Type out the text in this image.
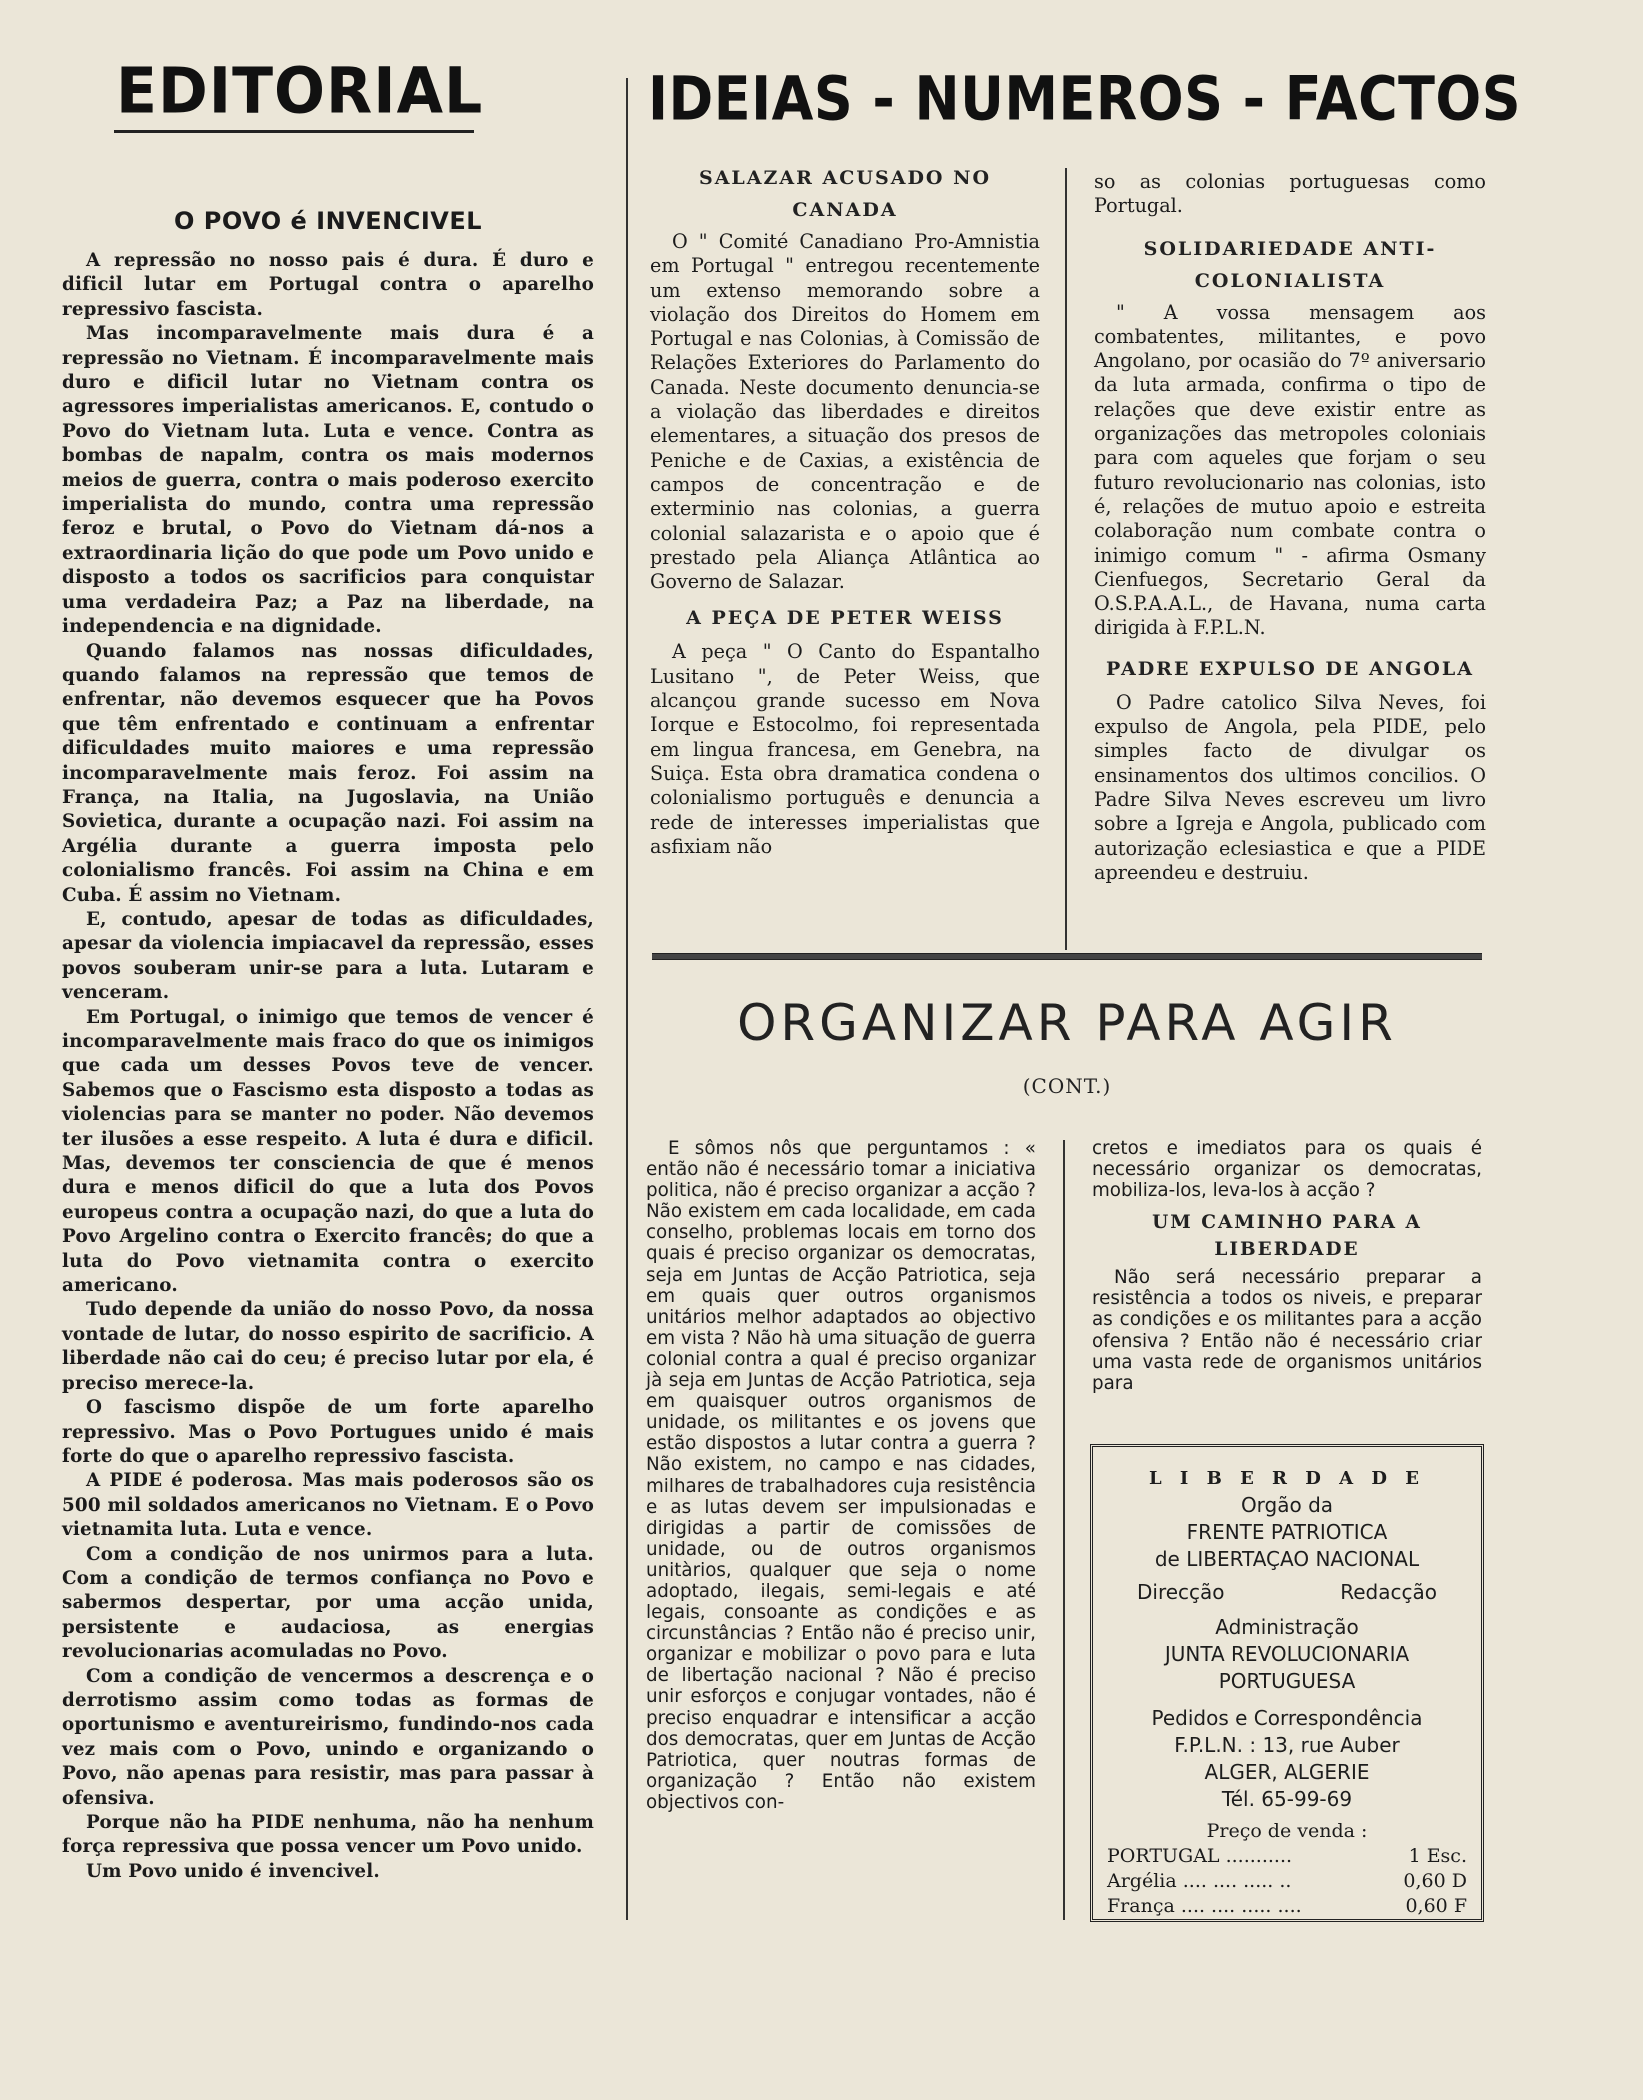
EDITORIAL
O POVO é INVENCIVEL

A repressão no nosso pais é dura. É duro e dificil lutar em Portugal contra o aparelho repressivo fascista.

Mas incomparavelmente mais dura é a repressão no Vietnam. É incomparavelmente mais duro e dificil lutar no Vietnam contra os agressores imperialistas americanos. E, contudo o Povo do Vietnam luta. Luta e vence. Contra as bombas de napalm, contra os mais modernos meios de guerra, contra o mais poderoso exercito imperialista do mundo, contra uma repressão feroz e brutal, o Povo do Vietnam dá-nos a extraordinaria lição do que pode um Povo unido e disposto a todos os sacrificios para conquistar uma verdadeira Paz; a Paz na liberdade, na independencia e na dignidade.

Quando falamos nas nossas dificuldades, quando falamos na repressão que temos de enfrentar, não devemos esquecer que ha Povos que têm enfrentado e continuam a enfrentar dificuldades muito maiores e uma repressão incomparavelmente mais feroz. Foi assim na França, na Italia, na Jugoslavia, na União Sovietica, durante a ocupação nazi. Foi assim na Argélia durante a guerra imposta pelo colonialismo francês. Foi assim na China e em Cuba. É assim no Vietnam.

E, contudo, apesar de todas as dificuldades, apesar da violencia impiacavel da repressão, esses povos souberam unir-se para a luta. Lutaram e venceram.

Em Portugal, o inimigo que temos de vencer é incomparavelmente mais fraco do que os inimigos que cada um desses Povos teve de vencer. Sabemos que o Fascismo esta disposto a todas as violencias para se manter no poder. Não devemos ter ilusões a esse respeito. A luta é dura e dificil. Mas, devemos ter consciencia de que é menos dura e menos dificil do que a luta dos Povos europeus contra a ocupação nazi, do que a luta do Povo Argelino contra o Exercito francês; do que a luta do Povo vietnamita contra o exercito americano.

Tudo depende da união do nosso Povo, da nossa vontade de lutar, do nosso espirito de sacrificio. A liberdade não cai do ceu; é preciso lutar por ela, é preciso merece-la.

O fascismo dispõe de um forte aparelho repressivo. Mas o Povo Portugues unido é mais forte do que o aparelho repressivo fascista.

A PIDE é poderosa. Mas mais poderosos são os 500 mil soldados americanos no Vietnam. E o Povo vietnamita luta. Luta e vence.

Com a condição de nos unirmos para a luta. Com a condição de termos confiança no Povo e sabermos despertar, por uma acção unida, persistente e audaciosa, as energias revolucionarias acomuladas no Povo.

Com a condição de vencermos a descrença e o derrotismo assim como todas as formas de oportunismo e aventureirismo, fundindo-nos cada vez mais com o Povo, unindo e organizando o Povo, não apenas para resistir, mas para passar à ofensiva.

Porque não ha PIDE nenhuma, não ha nenhum força repressiva que possa vencer um Povo unido.

Um Povo unido é invencivel.

IDEIAS - NUMEROS - FACTOS
SALAZAR ACUSADO NO CANADA

O " Comité Canadiano Pro-Amnistia em Portugal " entregou recentemente um extenso memorando sobre a violação dos Direitos do Homem em Portugal e nas Colonias, à Comissão de Relações Exteriores do Parlamento do Canada. Neste documento denuncia-se a violação das liberdades e direitos elementares, a situação dos presos de Peniche e de Caxias, a existência de campos de concentração e de exterminio nas colonias, a guerra colonial salazarista e o apoio que é prestado pela Aliança Atlântica ao Governo de Salazar.

A PEÇA DE PETER WEISS

A peça " O Canto do Espantalho Lusitano ", de Peter Weiss, que alcançou grande sucesso em Nova Iorque e Estocolmo, foi representada em lingua francesa, em Genebra, na Suiça. Esta obra dramatica condena o colonialismo português e denuncia a rede de interesses imperialistas que asfixiam não

so as colonias portuguesas como Portugal.

SOLIDARIEDADE ANTI-COLONIALISTA

" A vossa mensagem aos combatentes, militantes, e povo Angolano, por ocasião do 7º aniversario da luta armada, confirma o tipo de relações que deve existir entre as organizações das metropoles coloniais para com aqueles que forjam o seu futuro revolucionario nas colonias, isto é, relações de mutuo apoio e estreita colaboração num combate contra o inimigo comum " - afirma Osmany Cienfuegos, Secretario Geral da O.S.P.A.A.L., de Havana, numa carta dirigida à F.P.L.N.

PADRE EXPULSO DE ANGOLA

O Padre catolico Silva Neves, foi expulso de Angola, pela PIDE, pelo simples facto de divulgar os ensinamentos dos ultimos concilios. O Padre Silva Neves escreveu um livro sobre a Igreja e Angola, publicado com autorização eclesiastica e que a PIDE apreendeu e destruiu.

ORGANIZAR PARA AGIR
(CONT.)

E sômos nôs que perguntamos : « então não é necessário tomar a iniciativa politica, não é preciso organizar a acção ? Não existem em cada localidade, em cada conselho, problemas locais em torno dos quais é preciso organizar os democratas, seja em Juntas de Acção Patriotica, seja em quais quer outros organismos unitários melhor adaptados ao objectivo em vista ? Não hà uma situação de guerra colonial contra a qual é preciso organizar jà seja em Juntas de Acção Patriotica, seja em quaisquer outros organismos de unidade, os militantes e os jovens que estão dispostos a lutar contra a guerra ? Não existem, no campo e nas cidades, milhares de trabalhadores cuja resistência e as lutas devem ser impulsionadas e dirigidas a partir de comissões de unidade, ou de outros organismos unitàrios, qualquer que seja o nome adoptado, ilegais, semi-legais e até legais, consoante as condições e as circunstâncias ? Então não é preciso unir, organizar e mobilizar o povo para e luta de libertação nacional ? Não é preciso unir esforços e conjugar vontades, não é preciso enquadrar e intensificar a acção dos democratas, quer em Juntas de Acção Patriotica, quer noutras formas de organização ? Então não existem objectivos con-

cretos e imediatos para os quais é necessário organizar os democratas, mobiliza-los, leva-los à acção ?

UM CAMINHO PARA A LIBERDADE

Não será necessário preparar a resistência a todos os niveis, e preparar as condições e os militantes para a acção ofensiva ? Então não é necessário criar uma vasta rede de organismos unitários para

L I B E R D A D E
Orgão da
FRENTE PATRIOTICA
de LIBERTAÇAO NACIONAL
Direcção	Redacção
Administração
JUNTA REVOLUCIONARIA
PORTUGUESA
Pedidos e Correspondência
F.P.L.N. : 13, rue Auber
ALGER, ALGERIE
Tél. 65-99-69
Preço de venda :
PORTUGAL ...........	1 Esc.
Argélia .... .... ..... ..	0,60 D
França .... .... ..... ....	0,60 F
